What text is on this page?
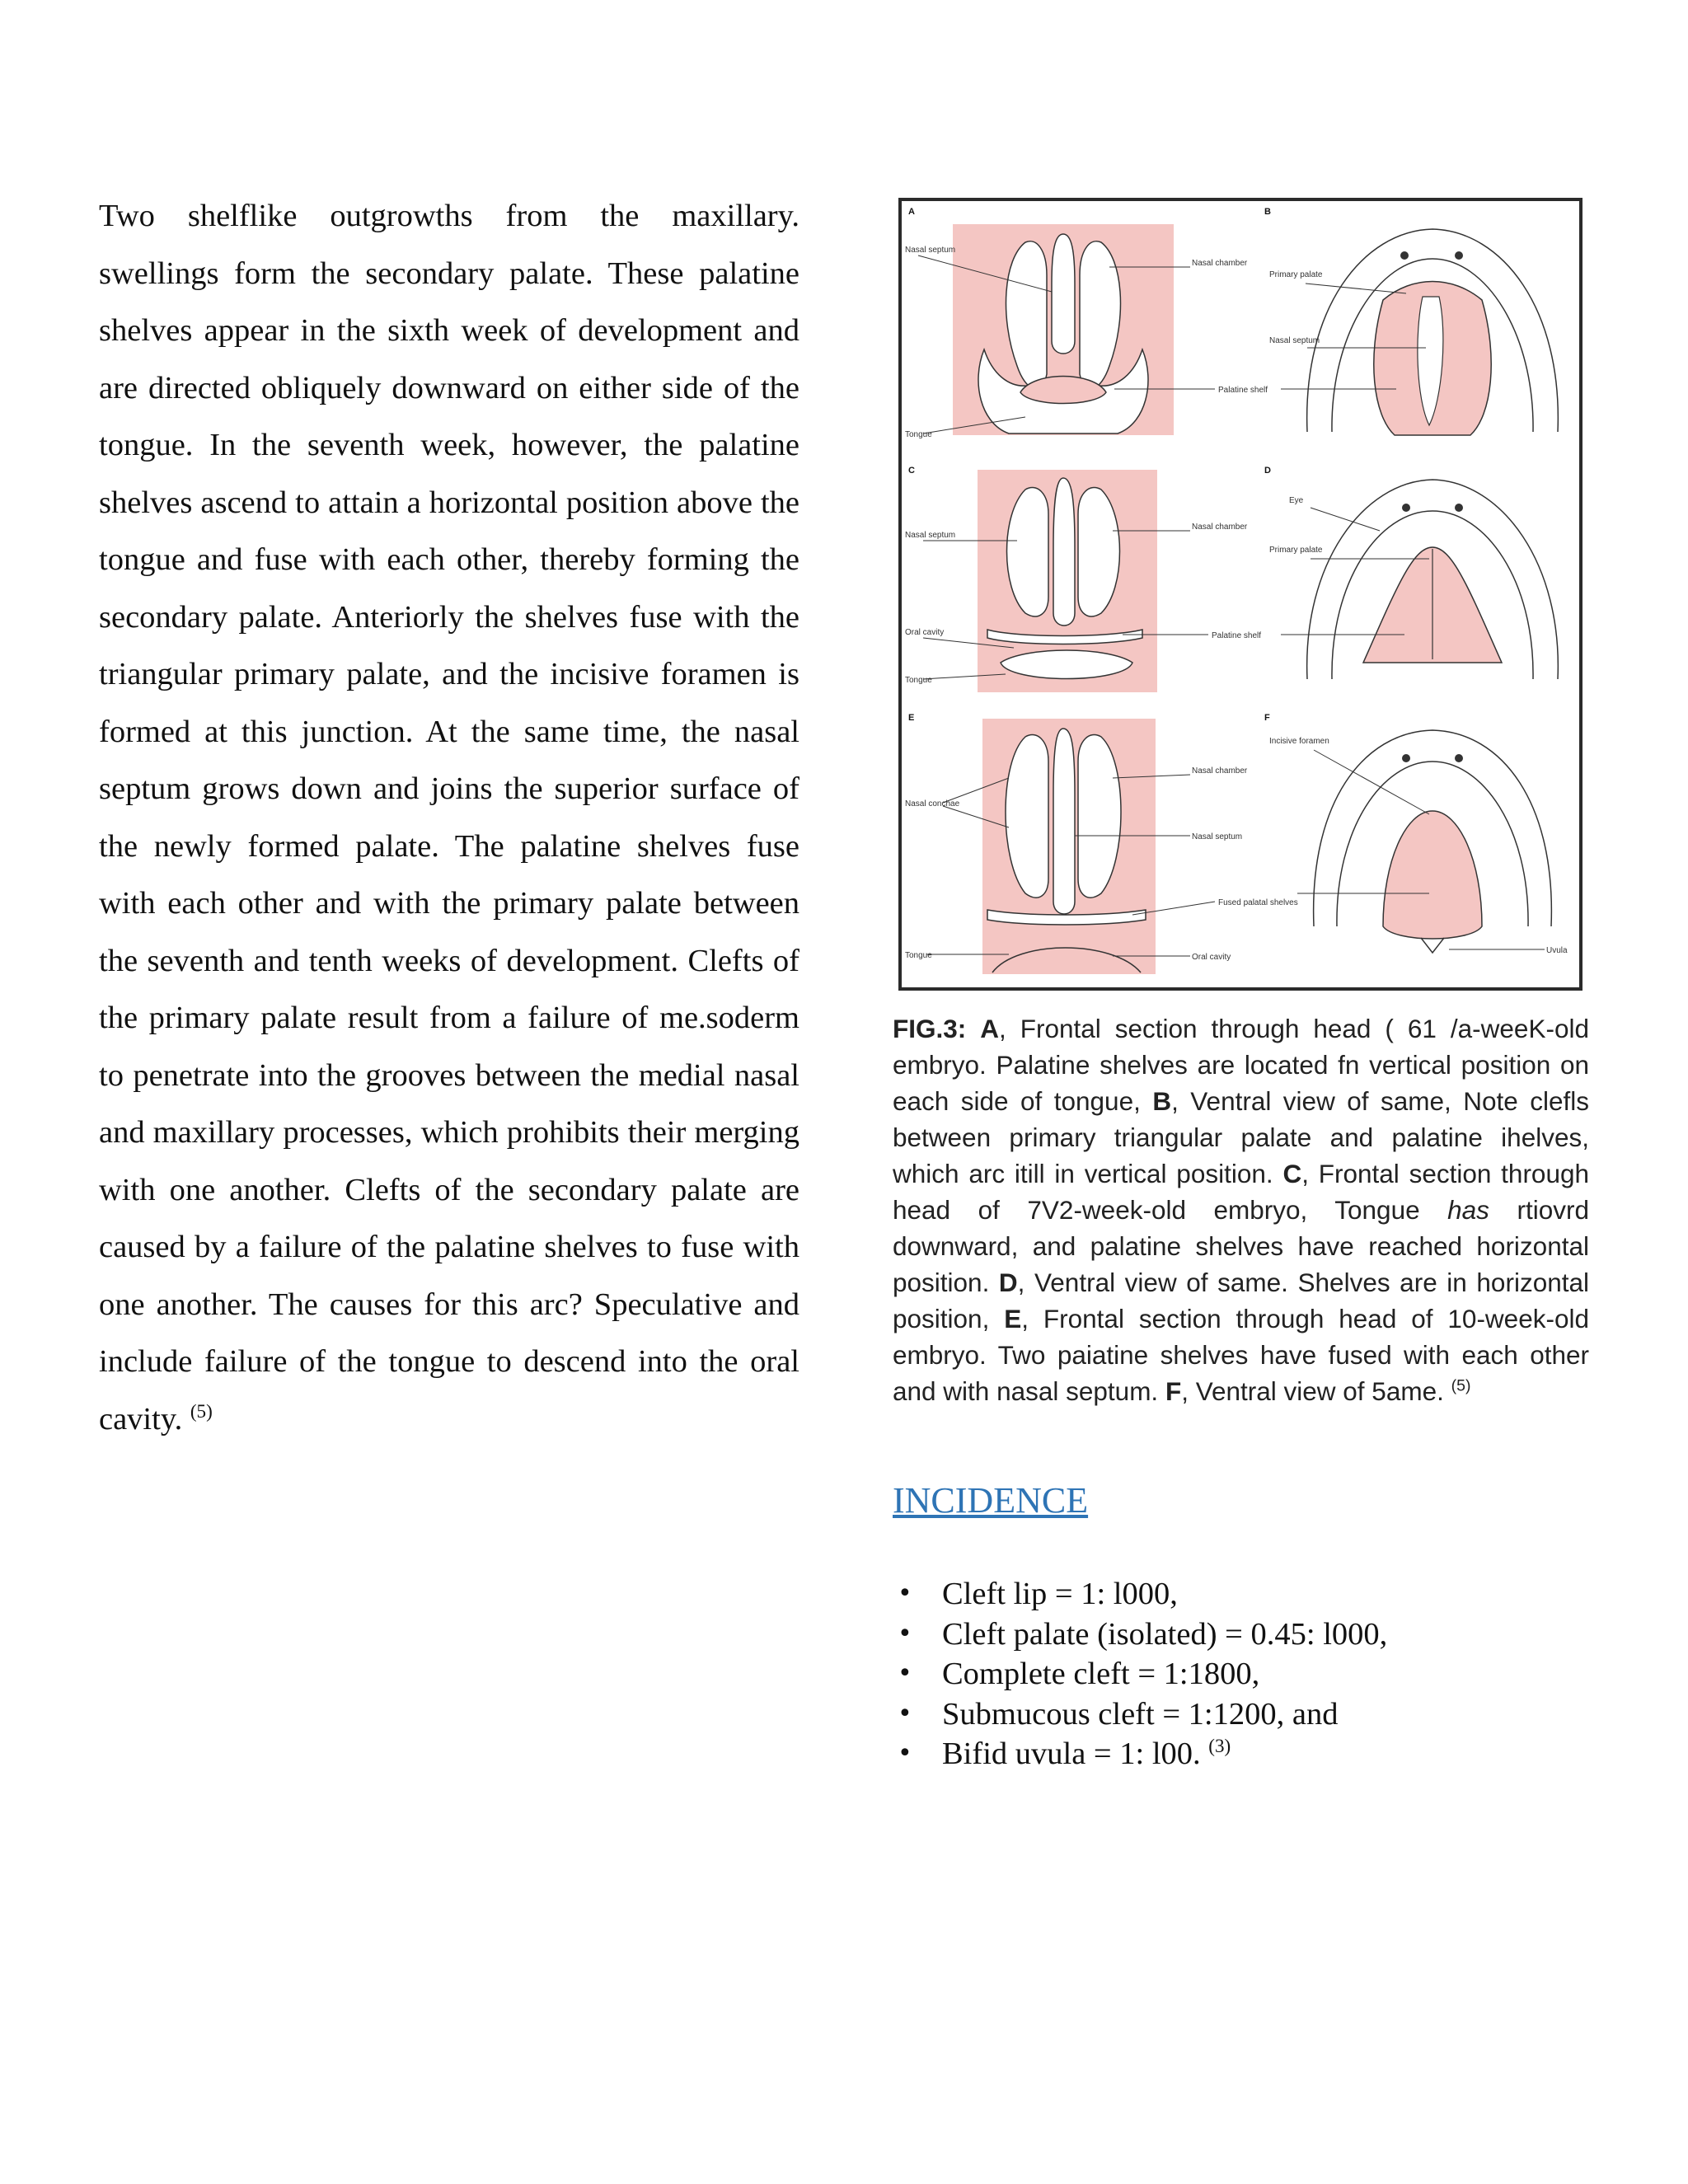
Two shelflike outgrowths from the maxillary. swellings form the secondary palate. These palatine shelves appear in the sixth week of development and are directed obliquely downward on either side of the tongue. In the seventh week, however, the palatine shelves ascend to attain a horizontal position above the tongue and fuse with each other, thereby forming the secondary palate. Anteriorly the shelves fuse with the triangular primary palate, and the incisive foramen is formed at this junction. At the same time, the nasal septum grows down and joins the superior surface of the newly formed palate. The palatine shelves fuse with each other and with the primary palate between the seventh and tenth weeks of development. Clefts of the primary palate result from a failure of me.soderm to penetrate into the grooves between the medial nasal and maxillary processes, which prohibits their merging with one another. Clefts of the secondary palate are caused by a failure of the palatine shelves to fuse with one another. The causes for this arc? Speculative and include failure of the tongue to descend into the oral cavity. $^{(5)}$

A
Nasal septum
Nasal chamber
Palatine shelf
Tongue
B
Primary palate
Nasal septum
C
Nasal septum
Nasal chamber
Palatine shelf
Oral cavity
Tongue
D
Eye
Primary palate
E
Nasal conchae
Nasal chamber
Nasal septum
Fused palatal shelves
Tongue	Oral cavity
F
Incisive foramen
Uvula
FIG.3: A, Frontal section through head ( 61 /a-weeK-old embryo. Palatine shelves are located fn vertical position on each side of tongue, B, Ventral view of same, Note clefls between primary triangular palate and palatine ihelves, which arc itill in vertical position. C, Frontal section through head of 7V2-week-old embryo, Tongue has rtiovrd downward, and palatine shelves have reached horizontal position. D, Ventral view of same. Shelves are in horizontal position, E, Frontal section through head of 10-week-old embryo. Two paiatine shelves have fused with each other and with nasal septum. F, Ventral view of 5ame. $^{(5)}$
INCIDENCE
• Cleft lip = 1: l000,
• Cleft palate (isolated) = 0.45: l000,
• Complete cleft = 1:1800,
• Submucous cleft = 1:1200, and
• Bifid uvula = 1: l00. $^{(3)}$
